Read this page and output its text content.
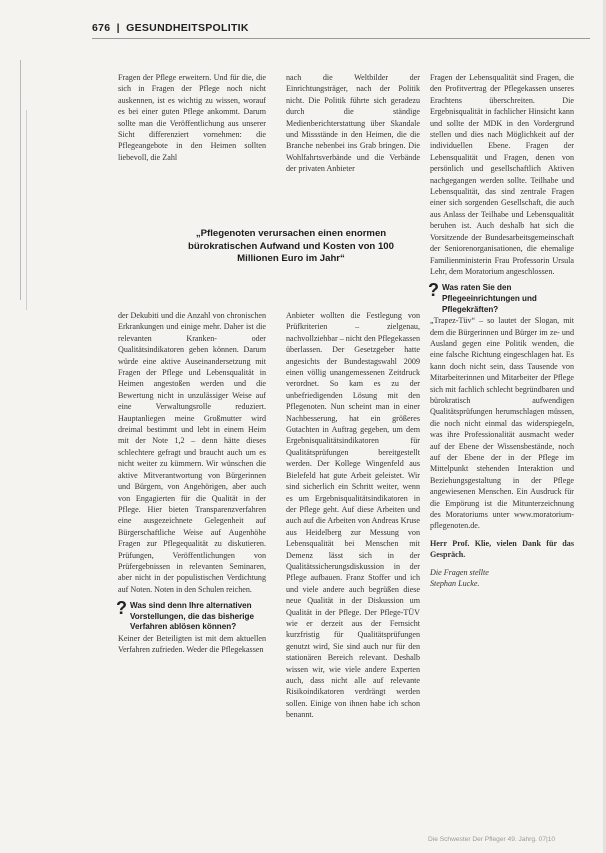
676 | GESUNDHEITSPOLITIK

Fragen der Pflege erweitern. Und für die, die sich in Fragen der Pflege noch nicht auskennen, ist es wichtig zu wissen, worauf es bei einer guten Pflege ankommt. Darum sollte man die Veröffentlichung aus unserer Sicht differenziert vornehmen: die Pflegeangebote in den Heimen sollten liebevoll, die Zahl

nach die Weltbilder der Einrichtungsträger, nach der Politik nicht. Die Politik führte sich geradezu durch die ständige Medienberichterstattung über Skandale und Missstände in den Heimen, die die Branche nebenbei ins Grab bringen. Die Wohlfahrtsverbände und die Verbände der privaten Anbieter

„Pflegenoten verursachen einen enormen bürokratischen Aufwand und Kosten von 100 Millionen Euro im Jahr“

der Dekubiti und die Anzahl von chronischen Erkrankungen und einige mehr. Daher ist die relevanten Kranken- oder Qualitätsindikatoren geben können. Darum würde eine aktive Auseinandersetzung mit Fragen der Pflege und Lebensqualität in Heimen angestoßen werden und die Bewertung nicht in unzulässiger Weise auf eine Verwaltungsrolle reduziert. Hauptanliegen meine Großmutter wird dreimal bestimmt und lebt in einem Heim mit der Note 1,2 – denn hätte dieses schlechtere gefragt und braucht auch um es nicht weiter zu kümmern. Wir wünschen die aktive Mitverantwortung von Bürgerinnen und Bürgern, von Angehörigen, aber auch von Engagierten für die Qualität in der Pflege. Hier bieten Transparenzverfahren eine ausgezeichnete Gelegenheit auf Bürgerschaftliche Weise auf Augenhöhe Fragen zur Pflegequalität zu diskutieren. Prüfungen, Veröffentlichungen von Prüfergebnissen in relevanten Seminaren, aber nicht in der populistischen Verdichtung auf Noten. Noten in den Schulen reichen.

? Was sind denn Ihre alternativen Vorstellungen, die das bisherige Verfahren ablösen können?

Keiner der Beteiligten ist mit dem aktuellen Verfahren zufrieden. Weder die Pflegekassen

Anbieter wollten die Festlegung von Prüfkriterien – zielgenau, nachvollziehbar – nicht den Pflegekassen überlassen. Der Gesetzgeber hatte angesichts der Bundestagswahl 2009 einen völlig unangemessenen Zeitdruck verordnet. So kam es zu der unbefriedigenden Lösung mit den Pflegenoten. Nun scheint man in einer Nachbesserung, hat ein größeres Gutachten in Auftrag gegeben, um dem Ergebnisqualitätsindikatoren für Qualitätsprüfungen bereitgestellt werden. Der Kollege Wingenfeld aus Bielefeld hat gute Arbeit geleistet. Wir sind sicherlich ein Schritt weiter, wenn es um Ergebnisqualitätsindikatoren in der Pflege geht. Auf diese Arbeiten und auch auf die Arbeiten von Andreas Kruse aus Heidelberg zur Messung von Lebensqualität bei Menschen mit Demenz lässt sich in der Qualitätssicherungsdiskussion in der Pflege aufbauen. Franz Stoffer und ich und viele andere auch begrüßen diese neue Qualität in der Diskussion um Qualität in der Pflege. Der Pflege-TÜV wie er derzeit aus der Fernsicht kurzfristig für Qualitätsprüfungen genutzt wird, Sie sind auch nur für den stationären Bereich relevant. Deshalb wissen wir, wie viele andere Experten auch, dass nicht alle auf relevante Risikoindikatoren verdrängt werden sollen. Einige von ihnen habe ich schon benannt.

Fragen der Lebensqualität sind Fragen, die den Profitvertrag der Pflegekassen unseres Erachtens überschreiten. Die Ergebnisqualität in fachlicher Hinsicht kann und sollte der MDK in den Vordergrund stellen und dies nach Möglichkeit auf der individuellen Ebene. Fragen der Lebensqualität und Fragen, denen von persönlich und gesellschaftlich Aktiven nachgegangen werden sollte. Teilhabe und Lebensqualität, das sind zentrale Fragen einer sich sorgenden Gesellschaft, die auch aus Anlass der Teilhabe und Lebensqualität beruhen ist. Auch deshalb hat sich die Vorsitzende der Bundesarbeitsgemeinschaft der Seniorenorganisationen, die ehemalige Familienministerin Frau Professorin Ursula Lehr, dem Moratorium angeschlossen.

? Was raten Sie den Pflegeeinrichtungen und Pflegekräften?

„Trapez-Tüv“ – so lautet der Slogan, mit dem die Bürgerinnen und Bürger im ze- und Ausland gegen eine Politik wenden, die eine falsche Richtung eingeschlagen hat. Es kann doch nicht sein, dass Tausende von Mitarbeiterinnen und Mitarbeiter der Pflege sich mit fachlich schlecht begründbaren und bürokratisch aufwendigen Qualitätsprüfungen herumschlagen müssen, die noch nicht einmal das widerspiegeln, was ihre Professionalität ausmacht weder auf der Ebene der Wissensbestände, noch auf der Ebene der in der Pflege im Mittelpunkt stehenden Interaktion und Beziehungsgestaltung in der Pflege angewiesenen Menschen. Ein Ausdruck für die Empörung ist die Mitunterzeichnung des Moratoriums unter www.moratorium-pflegenoten.de.

Herr Prof. Klie, vielen Dank für das Gespräch.

Die Fragen stellte

Stephan Lucke.

Die Schwester Der Pfleger 49. Jahrg. 07|10
